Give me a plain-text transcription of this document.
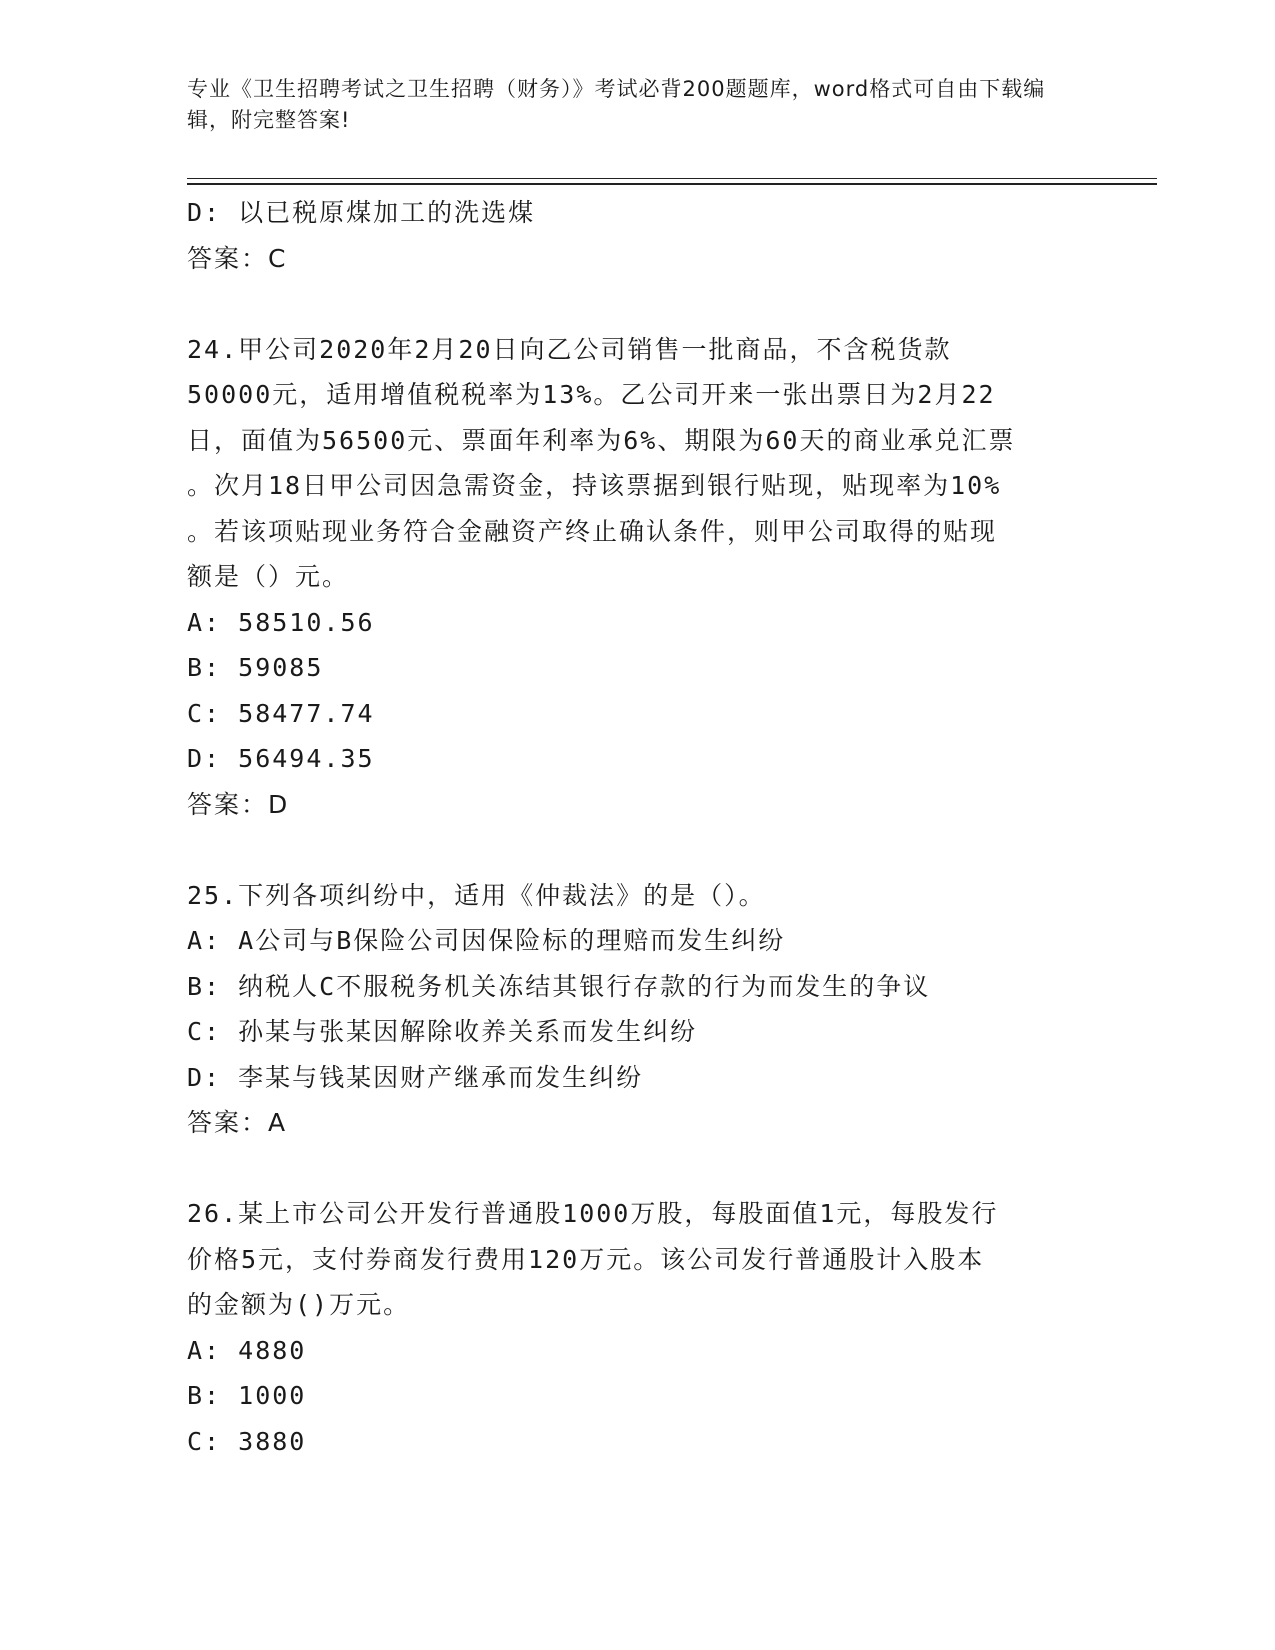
专业《卫生招聘考试之卫生招聘（财务）》考试必背200题题库，word格式可自由下载编辑，附完整答案!
D: 以已税原煤加工的洗选煤
答案：C
24.甲公司2020年2月20日向乙公司销售一批商品，不含税货款
50000元，适用增值税税率为13%。乙公司开来一张出票日为2月22
日，面值为56500元、票面年利率为6%、期限为60天的商业承兑汇票
。次月18日甲公司因急需资金，持该票据到银行贴现，贴现率为10%
。若该项贴现业务符合金融资产终止确认条件，则甲公司取得的贴现
额是（）元。
A: 58510.56
B: 59085
C: 58477.74
D: 56494.35
答案：D
25.下列各项纠纷中，适用《仲裁法》的是（）。
A: A公司与B保险公司因保险标的理赔而发生纠纷
B: 纳税人C不服税务机关冻结其银行存款的行为而发生的争议
C: 孙某与张某因解除收养关系而发生纠纷
D: 李某与钱某因财产继承而发生纠纷
答案：A
26.某上市公司公开发行普通股1000万股，每股面值1元，每股发行
价格5元，支付券商发行费用120万元。该公司发行普通股计入股本
的金额为()万元。
A: 4880
B: 1000
C: 3880
